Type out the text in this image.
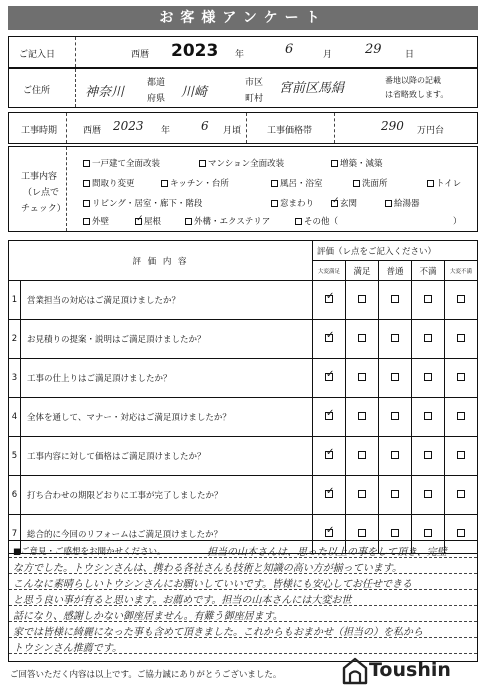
お客様アンケート
ご記入日	西暦 2023 年	6	月	29	日
ご住所	神奈川
都道
府県 川崎
市区
町村
宮前区馬絹
番地以降の記載
は省略致します。
工事時期	西暦 2023 年	6 月頃	工事価格帯	290 万円台
工事内容
（レ点で
チェック）
一戸建て全面改装	マンション全面改装	増築・減築
間取り変更	キッチン・台所	風呂・浴室	洗面所	トイレ
リビング・居室・廊下・階段	窓まわり ✓	玄関	給湯器
外壁 ✓	屋根	外構・エクステリア	その他（	）
評 価 内 容		評価（レ点をご記入ください）				
		大変満足	満足	普通	不満	大変不満
1	営業担当の対応はご満足頂けましたか？	✓				
2	お見積りの提案・説明はご満足頂けましたか？	✓				
3	工事の仕上りはご満足頂けましたか？	✓				
4	全体を通して、マナー・対応はご満足頂けましたか？	✓				
5	工事内容に対して価格はご満足頂けましたか？	✓				
6	打ち合わせの期限どおりに工事が完了しましたか？	✓				
7	総合的に今回のリフォームはご満足頂けましたか？	✓				
■ご意見・ご感想をお聞かせください。	担当の山本さんは、思った以上の事をして頂き、完璧
な方でした。トウシンさんは、携わる各社さんも技術と知識の高い方が揃っています。
こんなに素晴らしいトウシンさんにお願いしていいです。皆様にも安心してお任せできる
と思う良い事が有ると思います。お薦めです。担当の山本さんには大変お世
話になり、感謝しかない御座居ません。有難う御座居ます。
家では皆様に綺麗になった事も含めて頂きました。これからもおまかせ（担当の）を私から
トウシンさん推薦です。
ご回答いただく内容は以上です。ご協力誠にありがとうございました。	Toushin
